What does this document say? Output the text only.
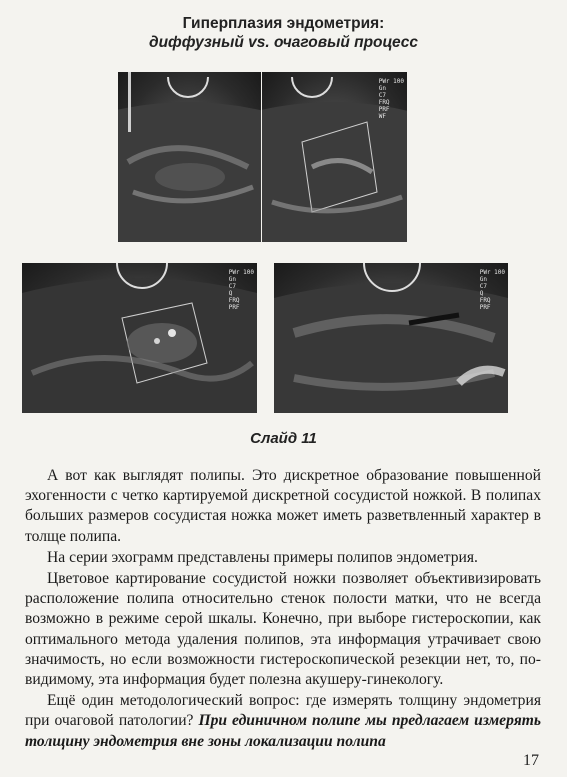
Гиперплазия эндометрия:
диффузный vs. очаговый процесс
PWr 100
Gn
C7
FRQ
PRF
WF
PWr 100
Gn
C7
Q
FRQ
PRF
PWr 100
Gn
C7
Q
FRQ
PRF
Слайд 11

А вот как выглядят полипы. Это дискретное образование повышенной эхогенности с четко картируемой дискретной сосудистой ножкой. В полипах больших размеров сосудистая ножка может иметь разветвленный характер в толще полипа.

На серии эхограмм представлены примеры полипов эндометрия.

Цветовое картирование сосудистой ножки позволяет объективизировать расположение полипа относительно стенок полости матки, что не всегда возможно в режиме серой шкалы. Конечно, при выборе гистероскопии, как оптимального метода удаления полипов, эта информация утрачивает свою значимость, но если возможности гистероскопической резекции нет, то, по-видимому, эта информация будет полезна акушеру-гинекологу.

Ещё один методологический вопрос: где измерять толщину эндометрия при очаговой патологии? При единичном полипе мы предлагаем измерять толщину эндометрия вне зоны локализации полипа

17
